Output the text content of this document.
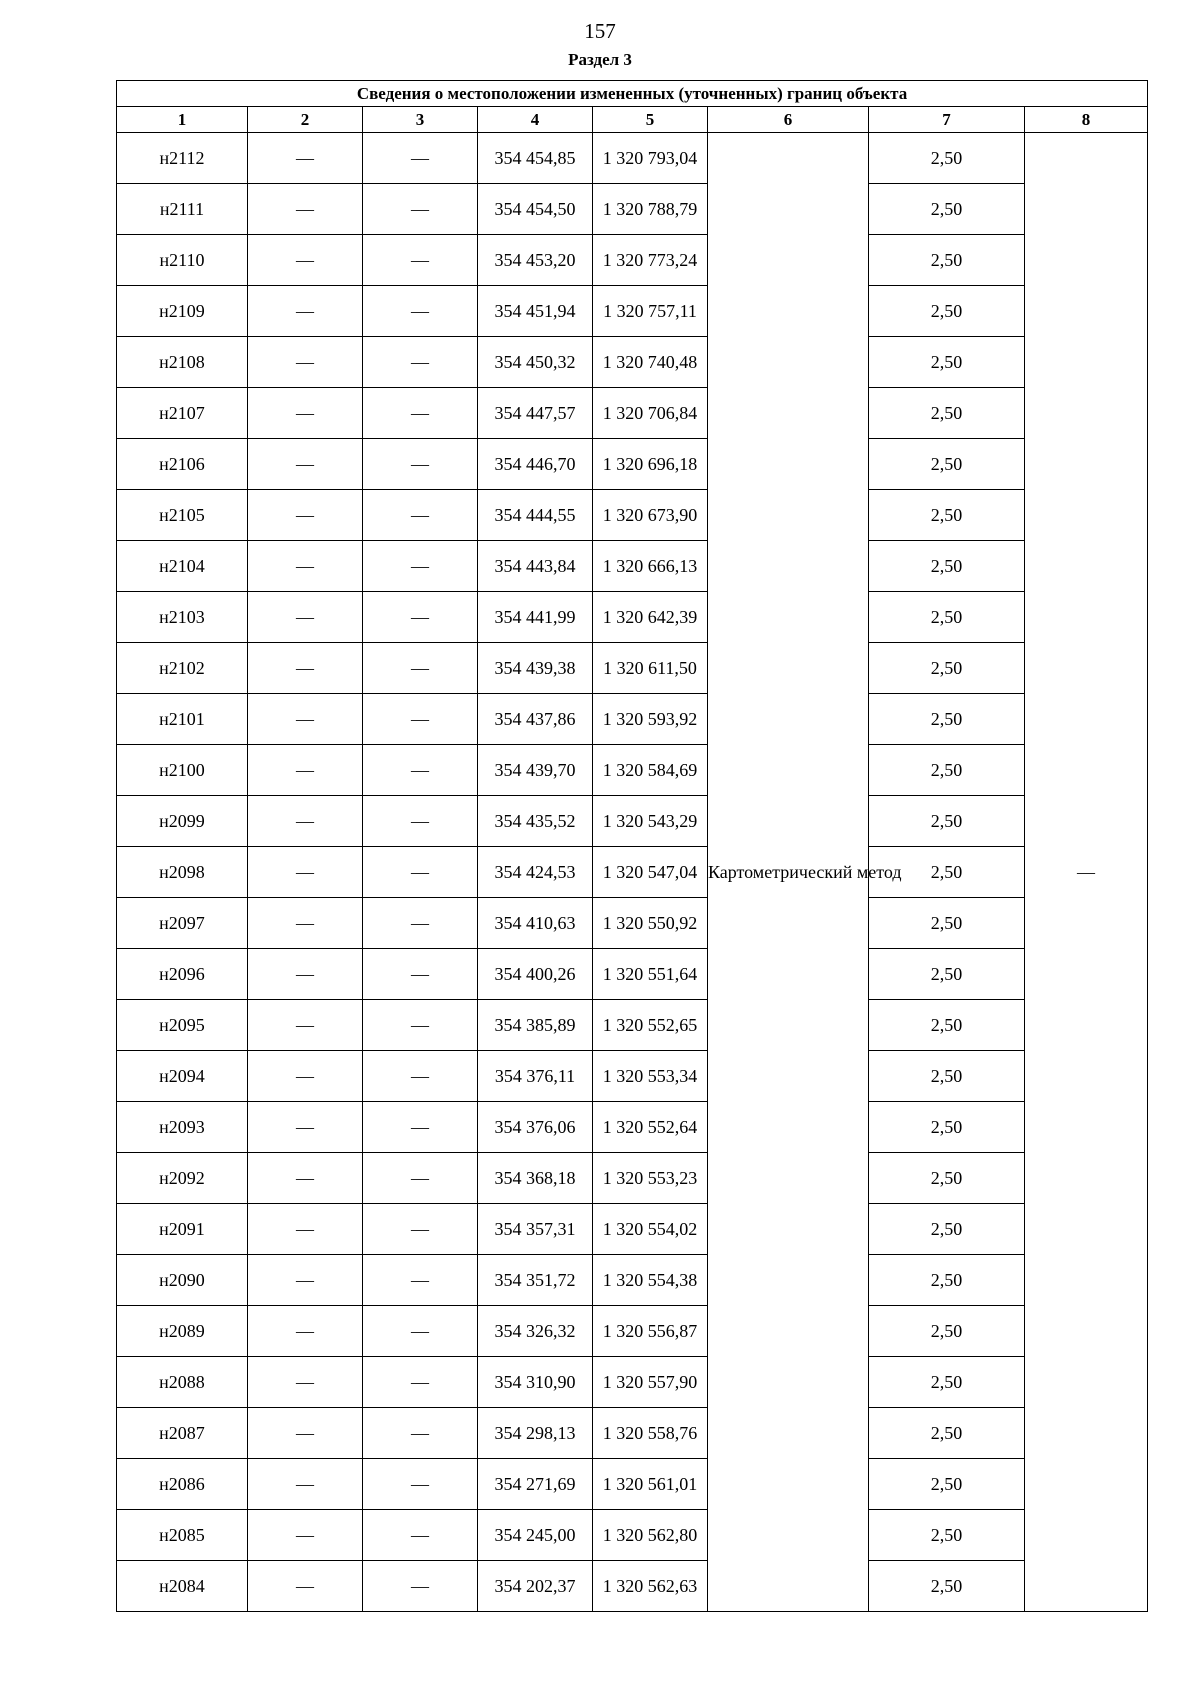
157
Раздел 3
Сведения о местоположении измененных (уточненных) границ объекта							
1	2	3	4	5	6	7	8
н2112	—	—	354 454,85	1 320 793,04	Картометрический метод	2,50	—
н2111	—	—	354 454,50	1 320 788,79		2,50	
н2110	—	—	354 453,20	1 320 773,24		2,50	
н2109	—	—	354 451,94	1 320 757,11		2,50	
н2108	—	—	354 450,32	1 320 740,48		2,50	
н2107	—	—	354 447,57	1 320 706,84		2,50	
н2106	—	—	354 446,70	1 320 696,18		2,50	
н2105	—	—	354 444,55	1 320 673,90		2,50	
н2104	—	—	354 443,84	1 320 666,13		2,50	
н2103	—	—	354 441,99	1 320 642,39		2,50	
н2102	—	—	354 439,38	1 320 611,50		2,50	
н2101	—	—	354 437,86	1 320 593,92		2,50	
н2100	—	—	354 439,70	1 320 584,69		2,50	
н2099	—	—	354 435,52	1 320 543,29		2,50	
н2098	—	—	354 424,53	1 320 547,04		2,50	
н2097	—	—	354 410,63	1 320 550,92		2,50	
н2096	—	—	354 400,26	1 320 551,64		2,50	
н2095	—	—	354 385,89	1 320 552,65		2,50	
н2094	—	—	354 376,11	1 320 553,34		2,50	
н2093	—	—	354 376,06	1 320 552,64		2,50	
н2092	—	—	354 368,18	1 320 553,23		2,50	
н2091	—	—	354 357,31	1 320 554,02		2,50	
н2090	—	—	354 351,72	1 320 554,38		2,50	
н2089	—	—	354 326,32	1 320 556,87		2,50	
н2088	—	—	354 310,90	1 320 557,90		2,50	
н2087	—	—	354 298,13	1 320 558,76		2,50	
н2086	—	—	354 271,69	1 320 561,01		2,50	
н2085	—	—	354 245,00	1 320 562,80		2,50	
н2084	—	—	354 202,37	1 320 562,63		2,50	
